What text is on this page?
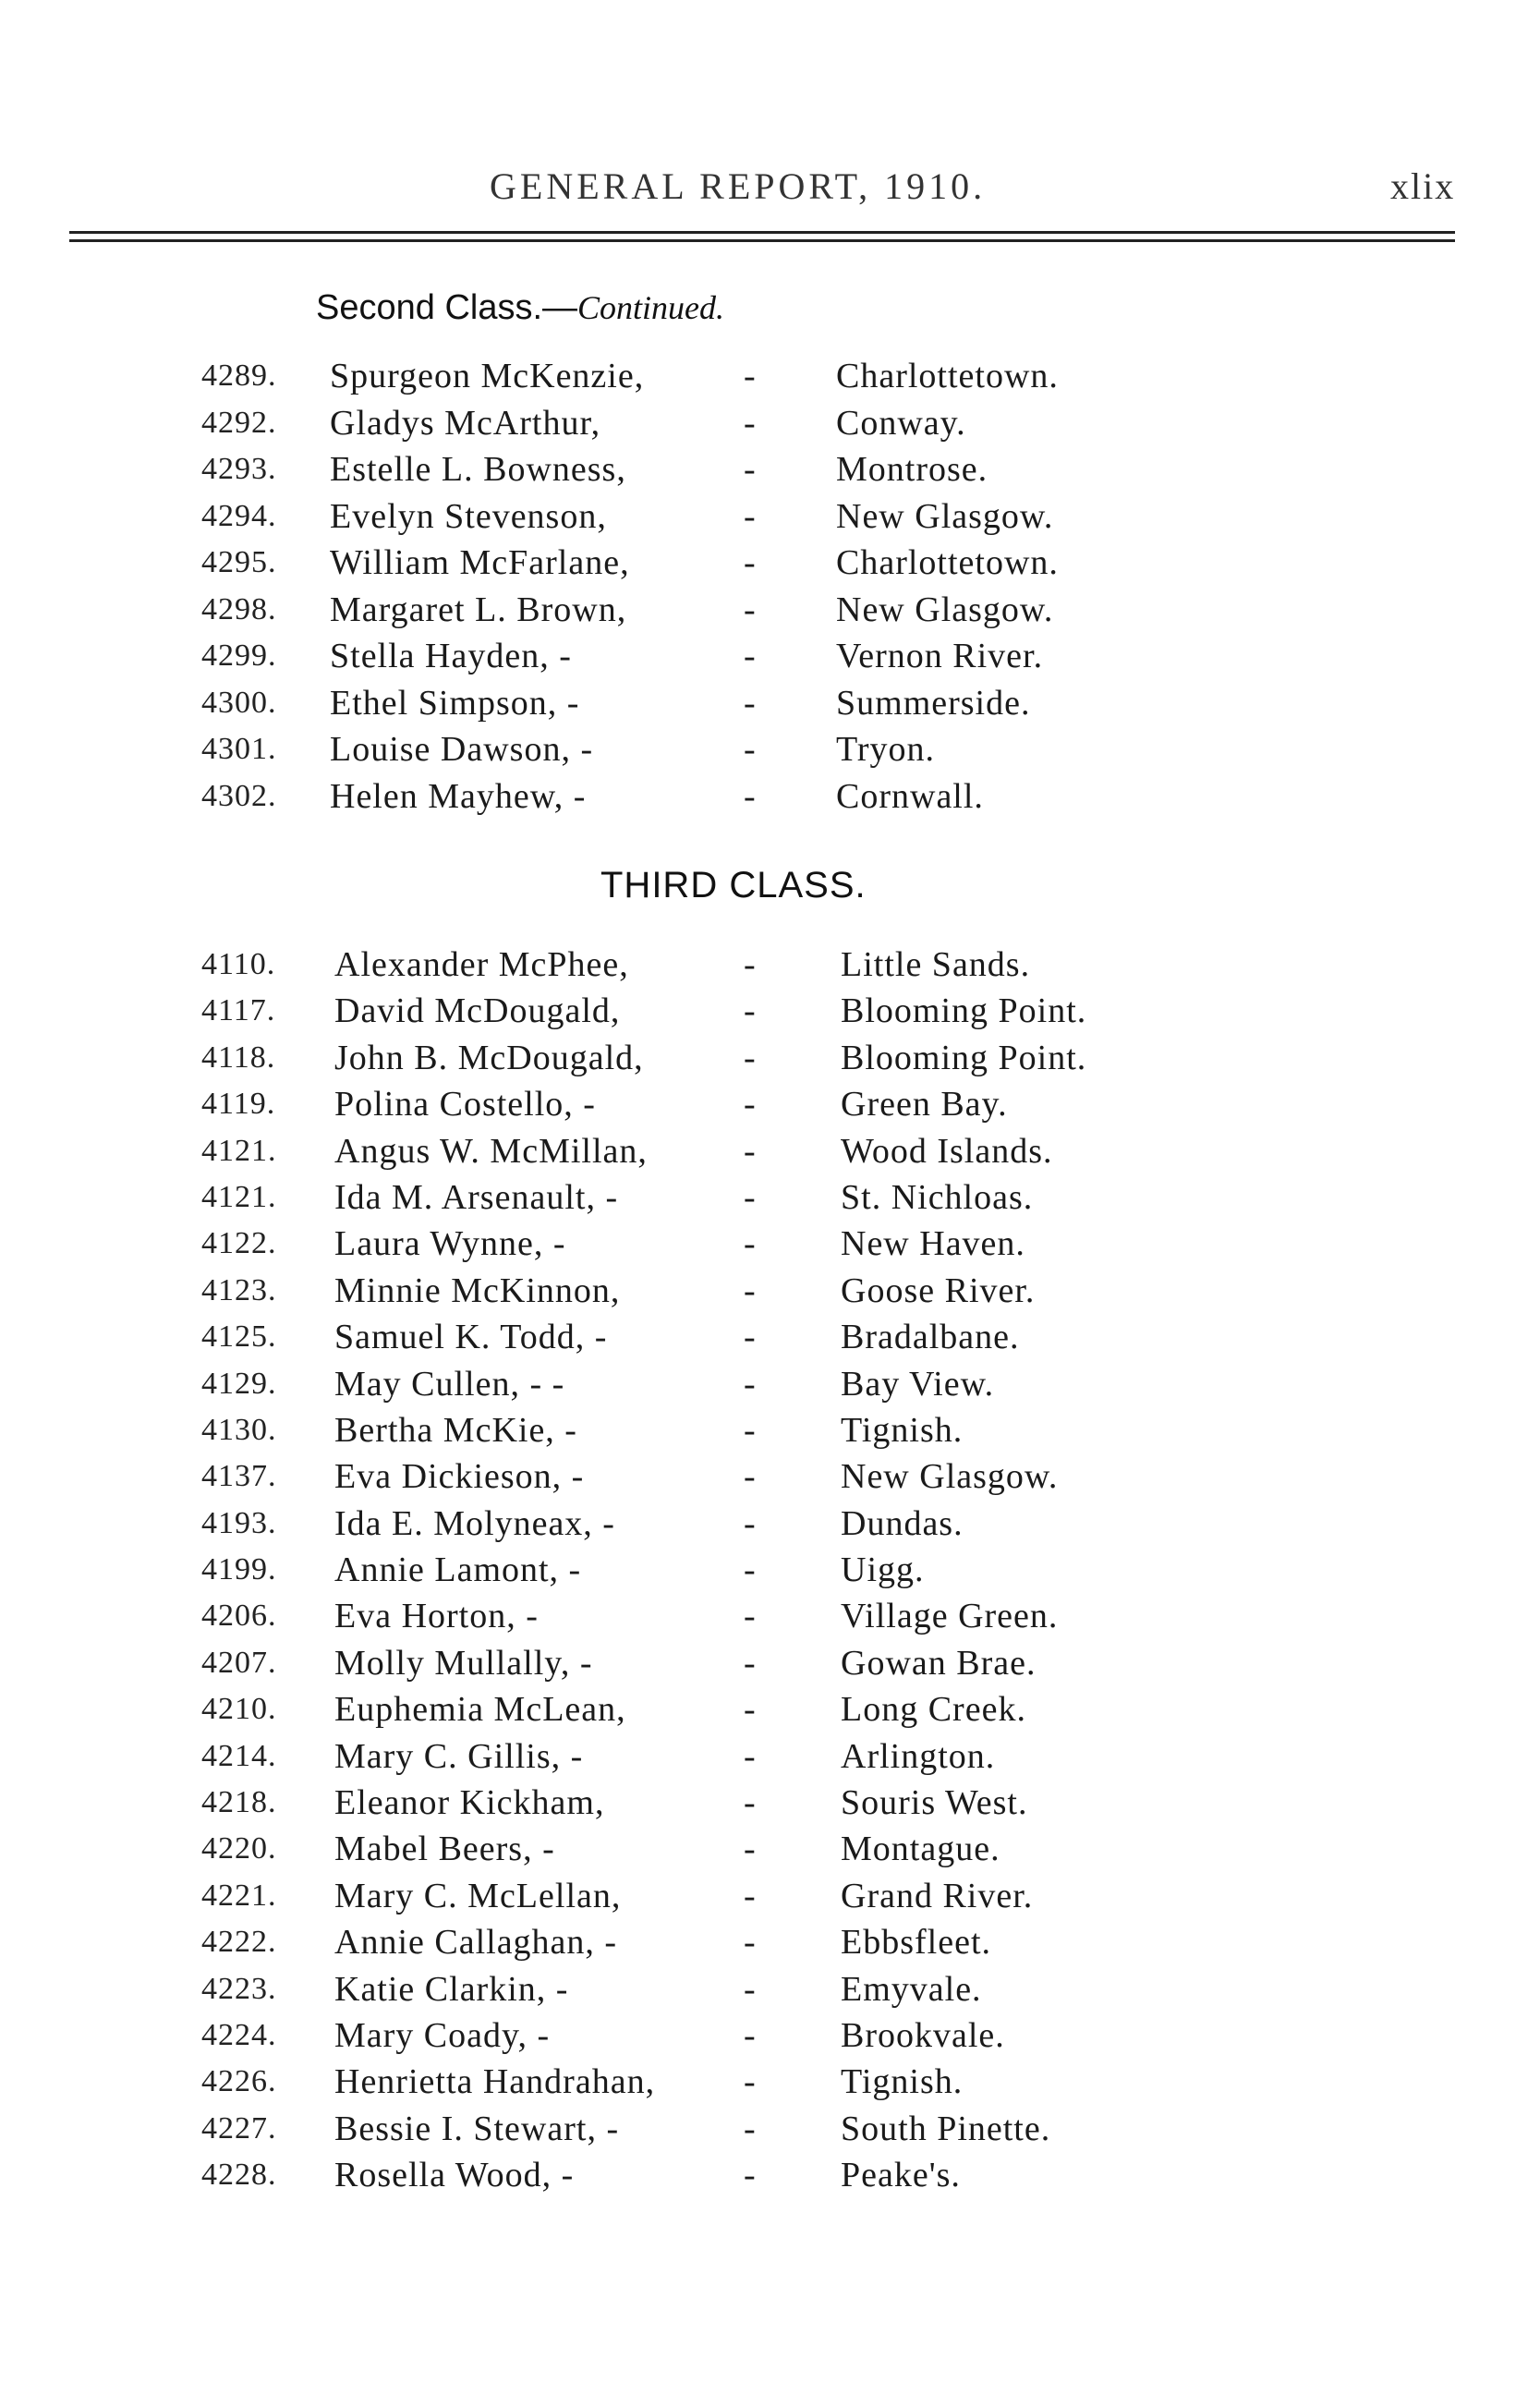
GENERAL REPORT, 1910.	xlix
Second Class.—Continued.
4289. Spurgeon McKenzie,	- Charlottetown.
4292. Gladys McArthur,	- Conway.
4293. Estelle L. Bowness,	- Montrose.
4294. Evelyn Stevenson,	- New Glasgow.
4295. William McFarlane,	- Charlottetown.
4298. Margaret L. Brown,	- New Glasgow.
4299. Stella Hayden, -	- Vernon River.
4300. Ethel Simpson, -	- Summerside.
4301. Louise Dawson, -	- Tryon.
4302. Helen Mayhew, -	- Cornwall.
THIRD CLASS.
4110. Alexander McPhee,	- Little Sands.
4117. David McDougald,	- Blooming Point.
4118. John B. McDougald,	- Blooming Point.
4119. Polina Costello, -	- Green Bay.
4121. Angus W. McMillan,	- Wood Islands.
4121. Ida M. Arsenault, -	- St. Nichloas.
4122. Laura Wynne, -	- New Haven.
4123. Minnie McKinnon,	- Goose River.
4125. Samuel K. Todd, -	- Bradalbane.
4129. May Cullen, - -	- Bay View.
4130. Bertha McKie, -	- Tignish.
4137. Eva Dickieson, -	- New Glasgow.
4193. Ida E. Molyneax, -	- Dundas.
4199. Annie Lamont, -	- Uigg.
4206. Eva Horton, -	- Village Green.
4207. Molly Mullally, -	- Gowan Brae.
4210. Euphemia McLean,	- Long Creek.
4214. Mary C. Gillis, -	- Arlington.
4218. Eleanor Kickham,	- Souris West.
4220. Mabel Beers, -	- Montague.
4221. Mary C. McLellan,	- Grand River.
4222. Annie Callaghan, -	- Ebbsfleet.
4223. Katie Clarkin, -	- Emyvale.
4224. Mary Coady, -	- Brookvale.
4226. Henrietta Handrahan,	- Tignish.
4227. Bessie I. Stewart, -	- South Pinette.
4228. Rosella Wood, -	- Peake's.
